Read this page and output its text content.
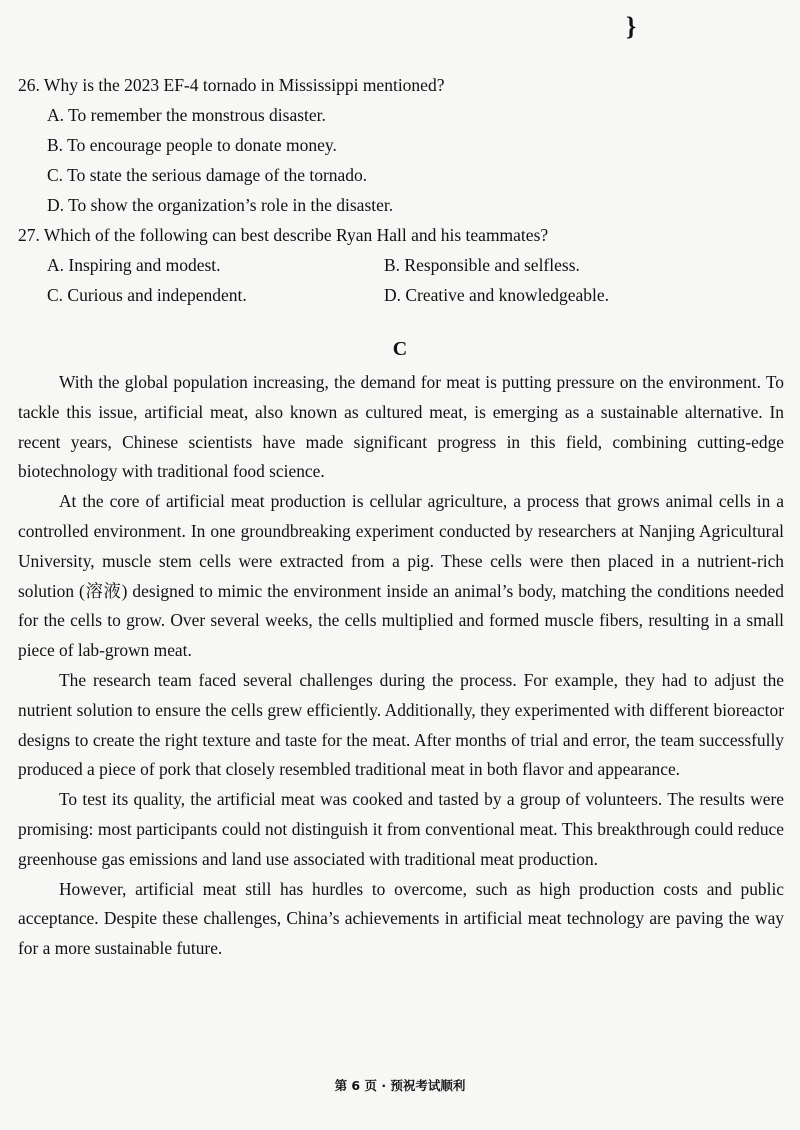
}
26. Why is the 2023 EF-4 tornado in Mississippi mentioned?
A. To remember the monstrous disaster.
B. To encourage people to donate money.
C. To state the serious damage of the tornado.
D. To show the organization’s role in the disaster.
27. Which of the following can best describe Ryan Hall and his teammates?
A. Inspiring and modest.	B. Responsible and selfless.
C. Curious and independent.	D. Creative and knowledgeable.
C

With the global population increasing, the demand for meat is putting pressure on the environment. To tackle this issue, artificial meat, also known as cultured meat, is emerging as a sustainable alternative. In recent years, Chinese scientists have made significant progress in this field, combining cutting-edge biotechnology with traditional food science.

At the core of artificial meat production is cellular agriculture, a process that grows animal cells in a controlled environment. In one groundbreaking experiment conducted by researchers at Nanjing Agricultural University, muscle stem cells were extracted from a pig. These cells were then placed in a nutrient-rich solution (溶液) designed to mimic the environment inside an animal’s body, matching the conditions needed for the cells to grow. Over several weeks, the cells multiplied and formed muscle fibers, resulting in a small piece of lab-grown meat.

The research team faced several challenges during the process. For example, they had to adjust the nutrient solution to ensure the cells grew efficiently. Additionally, they experimented with different bioreactor designs to create the right texture and taste for the meat. After months of trial and error, the team successfully produced a piece of pork that closely resembled traditional meat in both flavor and appearance.

To test its quality, the artificial meat was cooked and tasted by a group of volunteers. The results were promising: most participants could not distinguish it from conventional meat. This breakthrough could reduce greenhouse gas emissions and land use associated with traditional meat production.

However, artificial meat still has hurdles to overcome, such as high production costs and public acceptance. Despite these challenges, China’s achievements in artificial meat technology are paving the way for a more sustainable future.

第 6 页 · 预祝考试顺利
